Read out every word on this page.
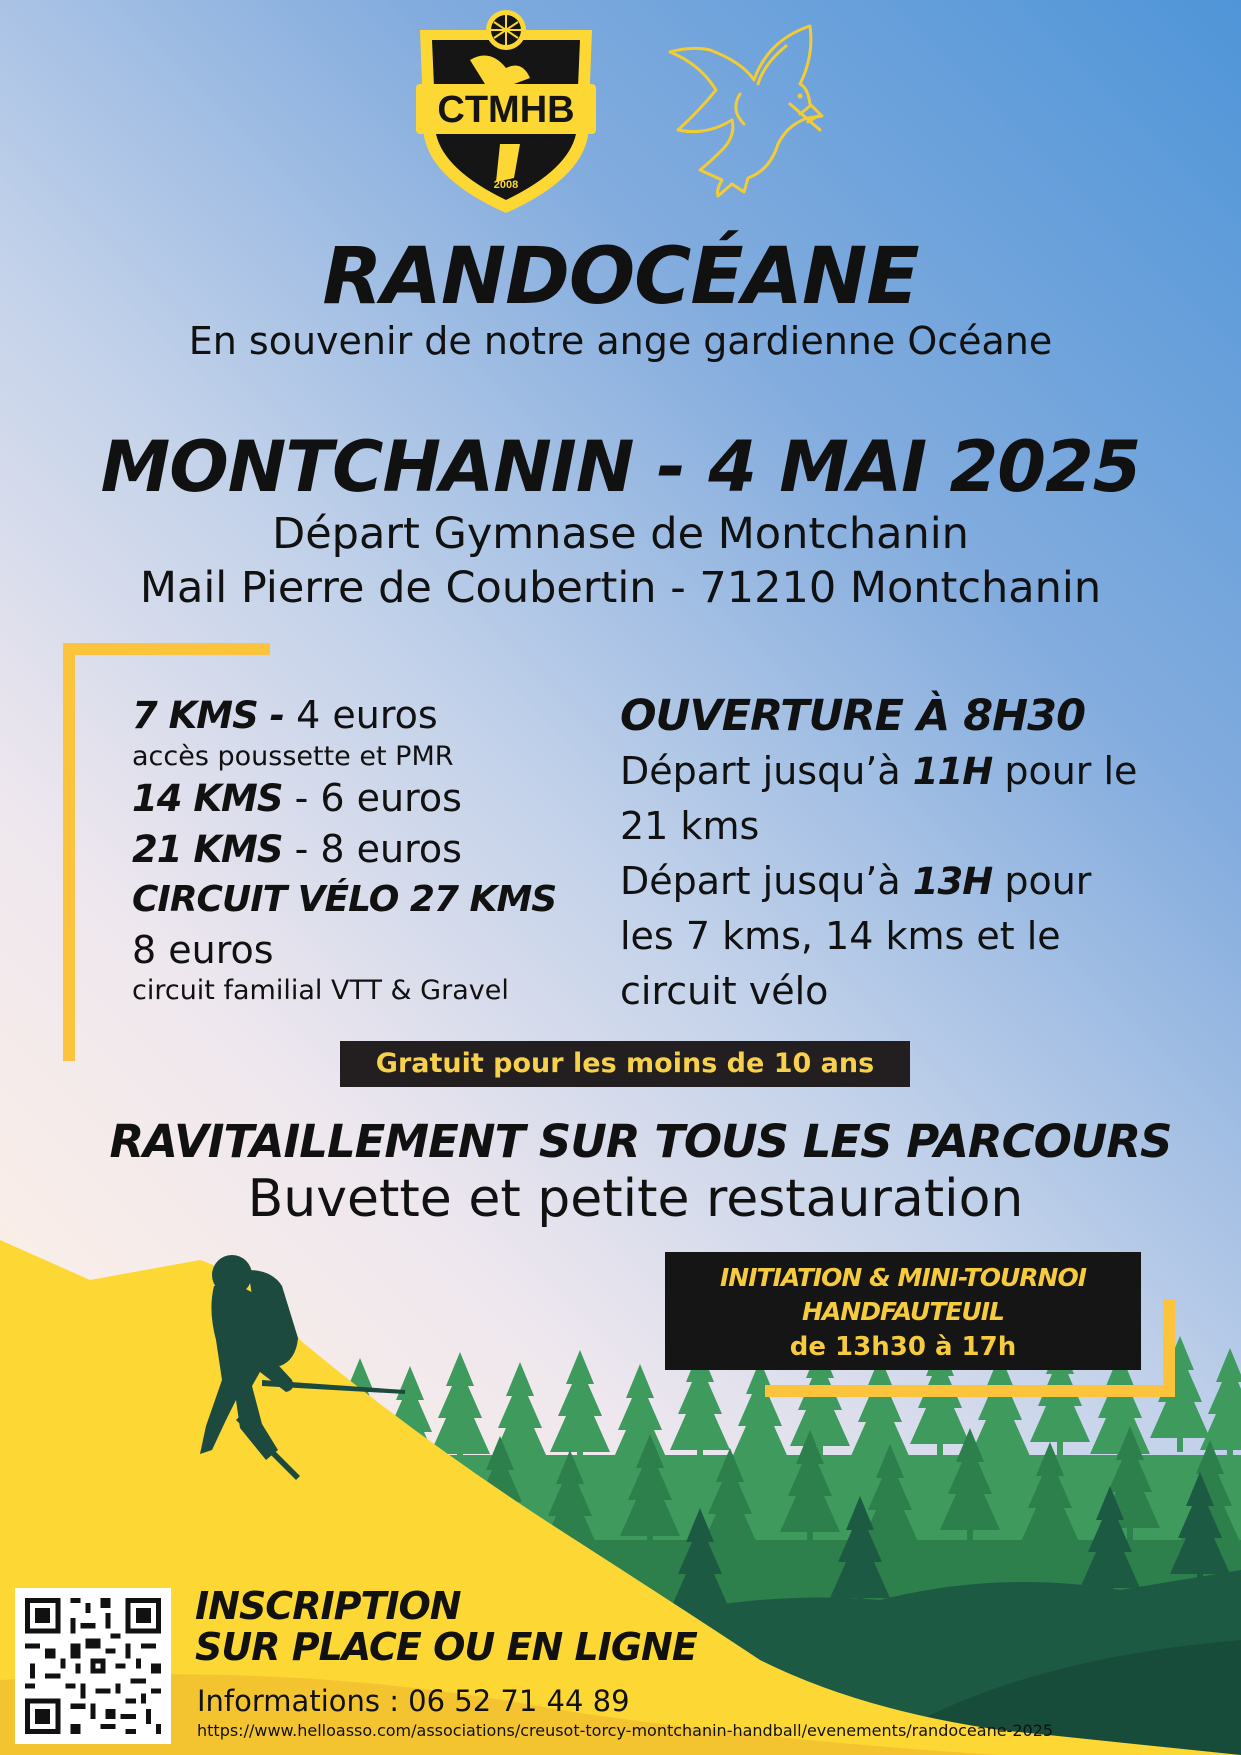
CTMHB
Creusot Torcy Montchanin Handball
2008
RANDOCÉANE
En souvenir de notre ange gardienne Océane
MONTCHANIN - 4 MAI 2025
Départ Gymnase de Montchanin
Mail Pierre de Coubertin - 71210 Montchanin
7 KMS - 4 euros
accès poussette et PMR
14 KMS - 6 euros
21 KMS - 8 euros
CIRCUIT VÉLO 27 KMS
8 euros
circuit familial VTT & Gravel
OUVERTURE À 8H30
Départ jusqu’à 11H pour le 21 kms
Départ jusqu’à 13H pour les 7 kms, 14 kms et le circuit vélo
Gratuit pour les moins de 10 ans
RAVITAILLEMENT SUR TOUS LES PARCOURS
Buvette et petite restauration
INITIATION & MINI-TOURNOI
HANDFAUTEUIL
de 13h30 à 17h
INSCRIPTION
SUR PLACE OU EN LIGNE
Informations : 06 52 71 44 89
https://www.helloasso.com/associations/creusot-torcy-montchanin-handball/evenements/randoceane-2025
